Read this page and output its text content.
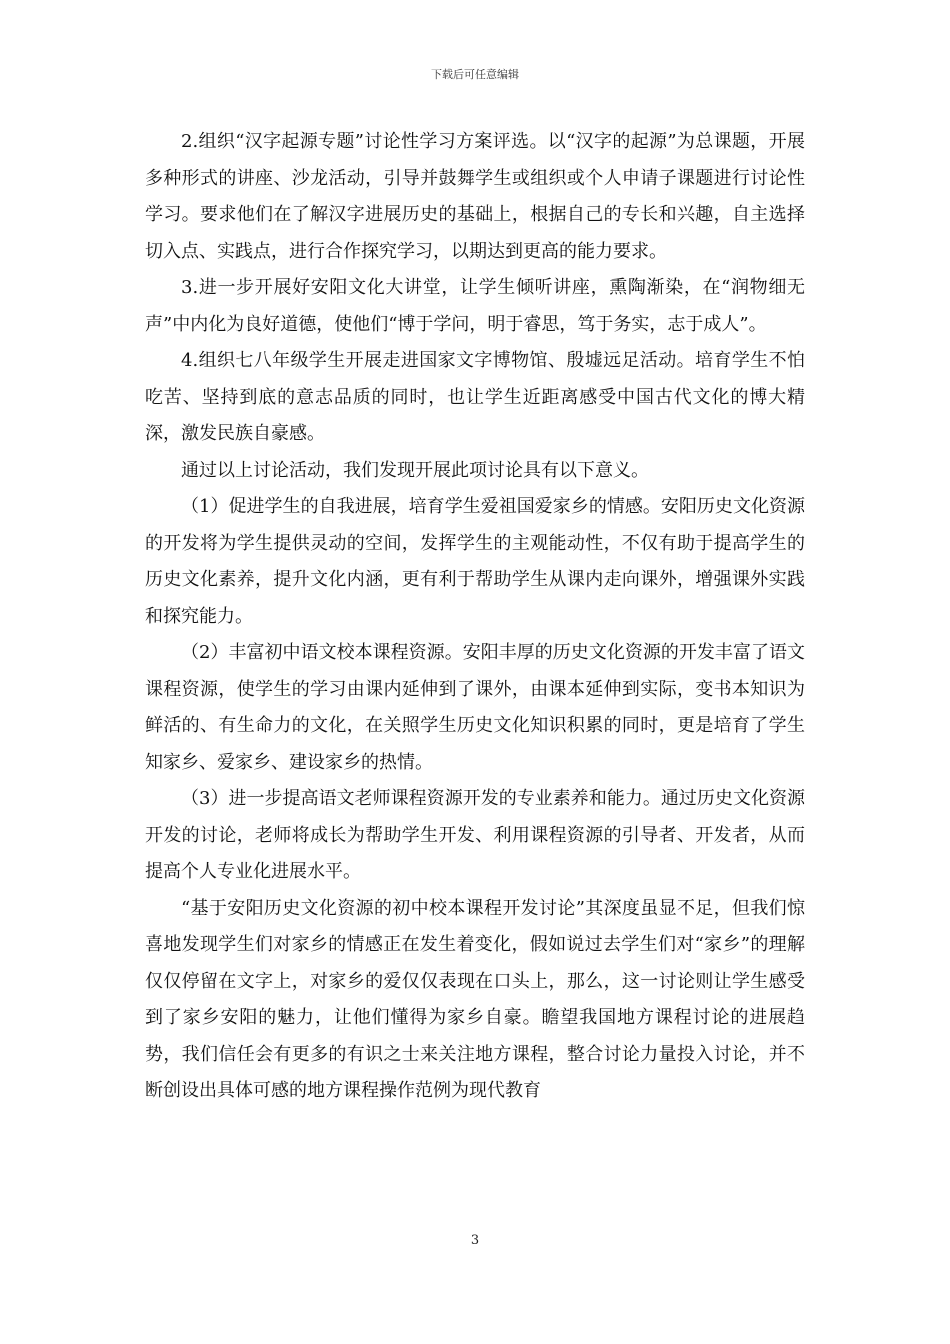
下载后可任意编辑

2.组织“汉字起源专题”讨论性学习方案评选。以“汉字的起源”为总课题，开展多种形式的讲座、沙龙活动，引导并鼓舞学生或组织或个人申请子课题进行讨论性学习。要求他们在了解汉字进展历史的基础上，根据自己的专长和兴趣，自主选择切入点、实践点，进行合作探究学习，以期达到更高的能力要求。

3.进一步开展好安阳文化大讲堂，让学生倾听讲座，熏陶渐染，在“润物细无声”中内化为良好道德，使他们“博于学问，明于睿思，笃于务实，志于成人”。

4.组织七八年级学生开展走进国家文字博物馆、殷墟远足活动。培育学生不怕吃苦、坚持到底的意志品质的同时，也让学生近距离感受中国古代文化的博大精深，激发民族自豪感。

通过以上讨论活动，我们发现开展此项讨论具有以下意义。

（1）促进学生的自我进展，培育学生爱祖国爱家乡的情感。安阳历史文化资源的开发将为学生提供灵动的空间，发挥学生的主观能动性，不仅有助于提高学生的历史文化素养，提升文化内涵，更有利于帮助学生从课内走向课外，增强课外实践和探究能力。

（2）丰富初中语文校本课程资源。安阳丰厚的历史文化资源的开发丰富了语文课程资源，使学生的学习由课内延伸到了课外，由课本延伸到实际，变书本知识为鲜活的、有生命力的文化，在关照学生历史文化知识积累的同时，更是培育了学生知家乡、爱家乡、建设家乡的热情。

（3）进一步提高语文老师课程资源开发的专业素养和能力。通过历史文化资源开发的讨论，老师将成长为帮助学生开发、利用课程资源的引导者、开发者，从而提高个人专业化进展水平。

“基于安阳历史文化资源的初中校本课程开发讨论”其深度虽显不足，但我们惊喜地发现学生们对家乡的情感正在发生着变化，假如说过去学生们对“家乡”的理解仅仅停留在文字上，对家乡的爱仅仅表现在口头上，那么，这一讨论则让学生感受到了家乡安阳的魅力，让他们懂得为家乡自豪。瞻望我国地方课程讨论的进展趋势，我们信任会有更多的有识之士来关注地方课程，整合讨论力量投入讨论，并不断创设出具体可感的地方课程操作范例为现代教育

3
